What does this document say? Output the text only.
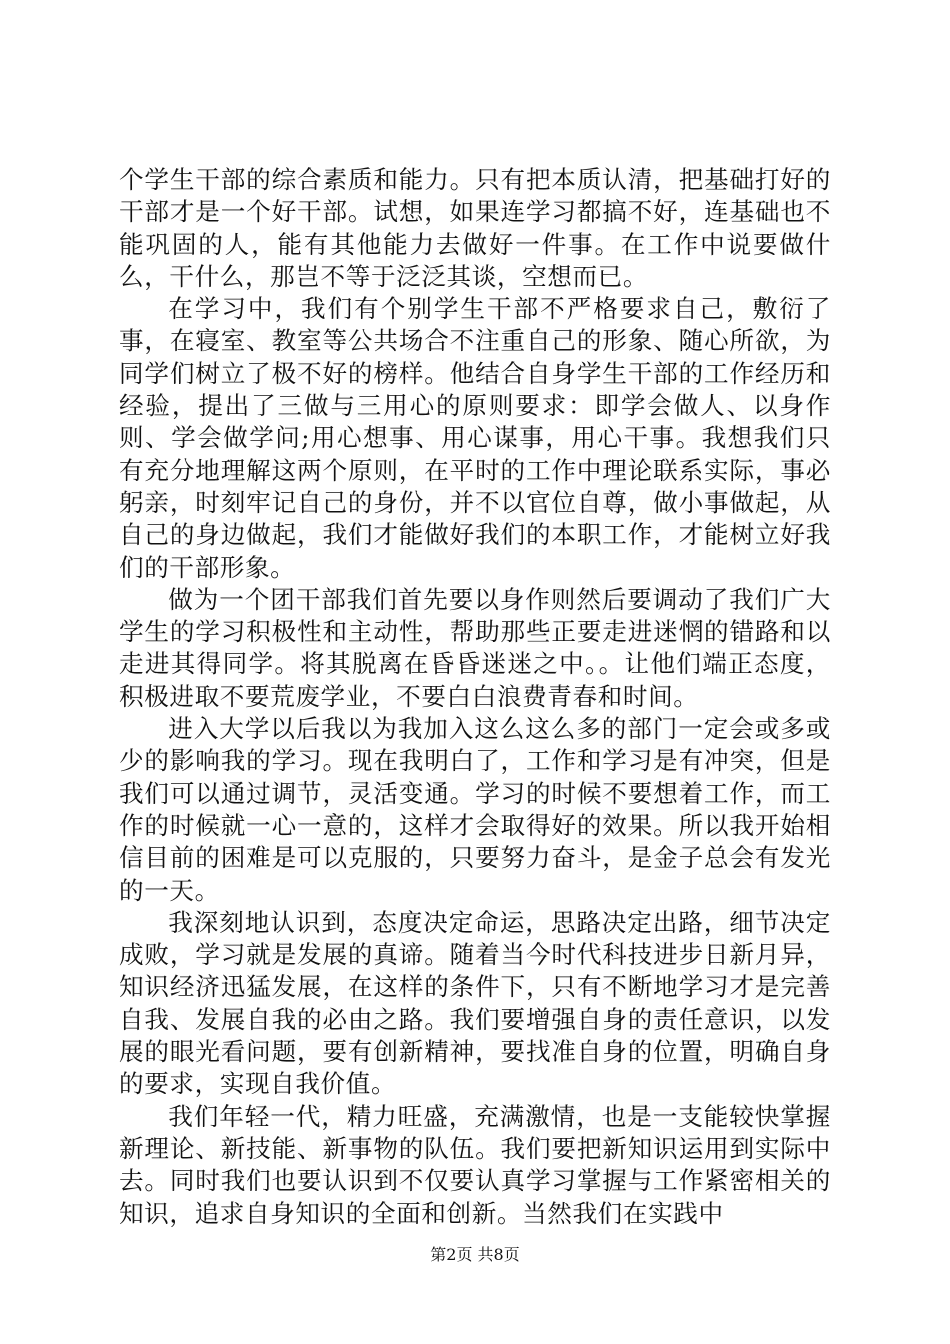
个学生干部的综合素质和能力。只有把本质认清，把基础打好的干部才是一个好干部。试想，如果连学习都搞不好，连基础也不能巩固的人，能有其他能力去做好一件事。在工作中说要做什么，干什么，那岂不等于泛泛其谈，空想而已。

在学习中，我们有个别学生干部不严格要求自己，敷衍了事，在寝室、教室等公共场合不注重自己的形象、随心所欲，为同学们树立了极不好的榜样。他结合自身学生干部的工作经历和经验，提出了三做与三用心的原则要求：即学会做人、以身作则、学会做学问;用心想事、用心谋事，用心干事。我想我们只有充分地理解这两个原则，在平时的工作中理论联系实际，事必躬亲，时刻牢记自己的身份，并不以官位自尊，做小事做起，从自己的身边做起，我们才能做好我们的本职工作，才能树立好我们的干部形象。

做为一个团干部我们首先要以身作则然后要调动了我们广大学生的学习积极性和主动性，帮助那些正要走进迷惘的错路和以走进其得同学。将其脱离在昏昏迷迷之中。。让他们端正态度，积极进取不要荒废学业，不要白白浪费青春和时间。

进入大学以后我以为我加入这么这么多的部门一定会或多或少的影响我的学习。现在我明白了，工作和学习是有冲突，但是我们可以通过调节，灵活变通。学习的时候不要想着工作，而工作的时候就一心一意的，这样才会取得好的效果。所以我开始相信目前的困难是可以克服的，只要努力奋斗，是金子总会有发光的一天。

我深刻地认识到，态度决定命运，思路决定出路，细节决定成败，学习就是发展的真谛。随着当今时代科技进步日新月异，知识经济迅猛发展，在这样的条件下，只有不断地学习才是完善自我、发展自我的必由之路。我们要增强自身的责任意识，以发展的眼光看问题，要有创新精神，要找准自身的位置，明确自身的要求，实现自我价值。

我们年轻一代，精力旺盛，充满激情，也是一支能较快掌握新理论、新技能、新事物的队伍。我们要把新知识运用到实际中去。同时我们也要认识到不仅要认真学习掌握与工作紧密相关的知识，追求自身知识的全面和创新。当然我们在实践中

第2页 共8页
